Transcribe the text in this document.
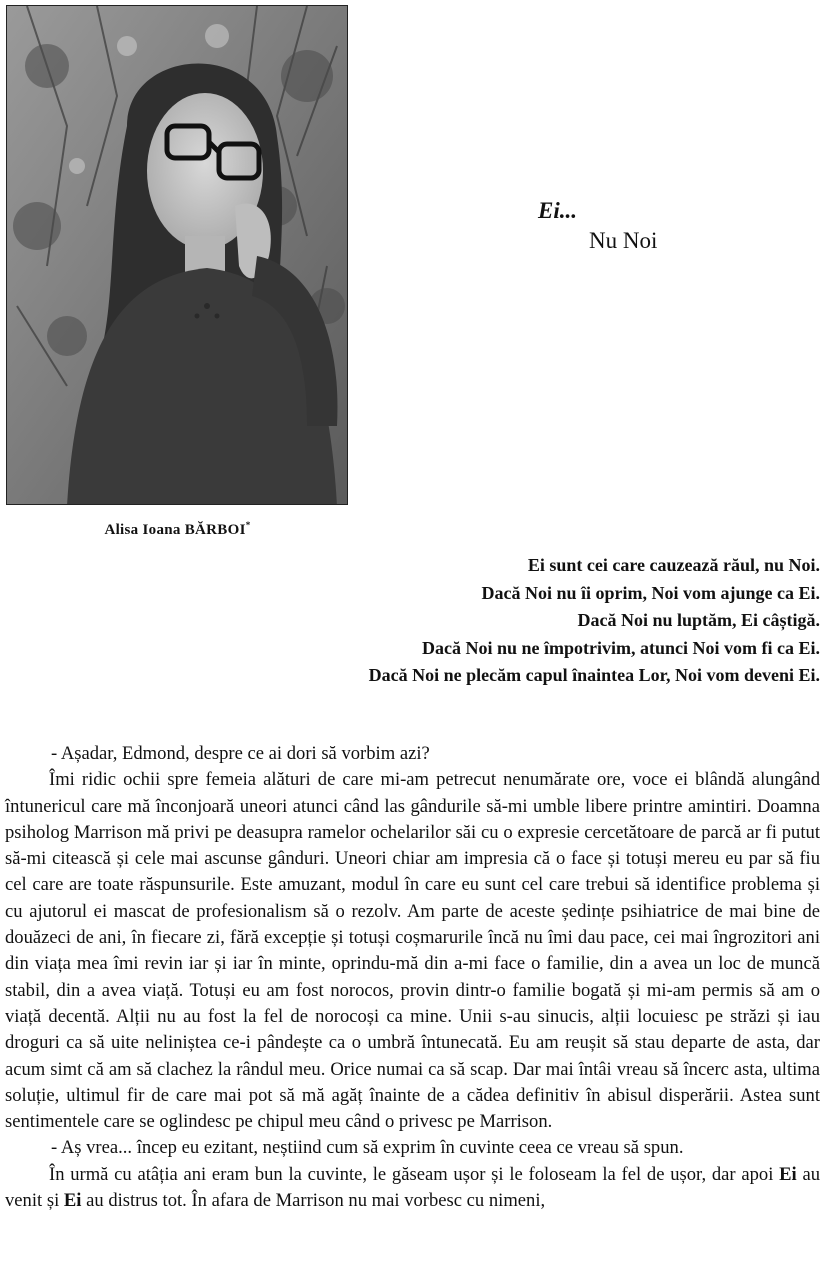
Alisa Ioana BĂRBOI*
Ei...
Nu Noi
Ei sunt cei care cauzează răul, nu Noi.
Dacă Noi nu îi oprim, Noi vom ajunge ca Ei.
Dacă Noi nu luptăm, Ei câștigă.
Dacă Noi nu ne împotrivim, atunci Noi vom fi ca Ei.
Dacă Noi ne plecăm capul înaintea Lor, Noi vom deveni Ei.

- Așadar, Edmond, despre ce ai dori să vorbim azi?

Îmi ridic ochii spre femeia alături de care mi-am petrecut nenumărate ore, voce ei blândă alungând întunericul care mă înconjoară uneori atunci când las gândurile să-mi umble libere printre amintiri. Doamna psiholog Marrison mă privi pe deasupra ramelor ochelarilor săi cu o expresie cercetătoare de parcă ar fi putut să-mi citească și cele mai ascunse gânduri. Uneori chiar am impresia că o face și totuși mereu eu par să fiu cel care are toate răspunsurile. Este amuzant, modul în care eu sunt cel care trebui să identifice problema și cu ajutorul ei mascat de profesionalism să o rezolv. Am parte de aceste ședințe psihiatrice de mai bine de douăzeci de ani, în fiecare zi, fără excepție și totuși coșmarurile încă nu îmi dau pace, cei mai îngrozitori ani din viața mea îmi revin iar și iar în minte, oprindu-mă din a-mi face o familie, din a avea un loc de muncă stabil, din a avea viață. Totuși eu am fost norocos, provin dintr-o familie bogată și mi-am permis să am o viață decentă. Alții nu au fost la fel de norocoși ca mine. Unii s-au sinucis, alții locuiesc pe străzi și iau droguri ca să uite neliniștea ce-i pândește ca o umbră întunecată. Eu am reușit să stau departe de asta, dar acum simt că am să clachez la rândul meu. Orice numai ca să scap. Dar mai întâi vreau să încerc asta, ultima soluție, ultimul fir de care mai pot să mă agăț înainte de a cădea definitiv în abisul disperării. Astea sunt sentimentele care se oglindesc pe chipul meu când o privesc pe Marrison.

- Aș vrea... încep eu ezitant, neștiind cum să exprim în cuvinte ceea ce vreau să spun.

În urmă cu atâția ani eram bun la cuvinte, le găseam ușor și le foloseam la fel de ușor, dar apoi Ei au venit și Ei au distrus tot. În afara de Marrison nu mai vorbesc cu nimeni,
